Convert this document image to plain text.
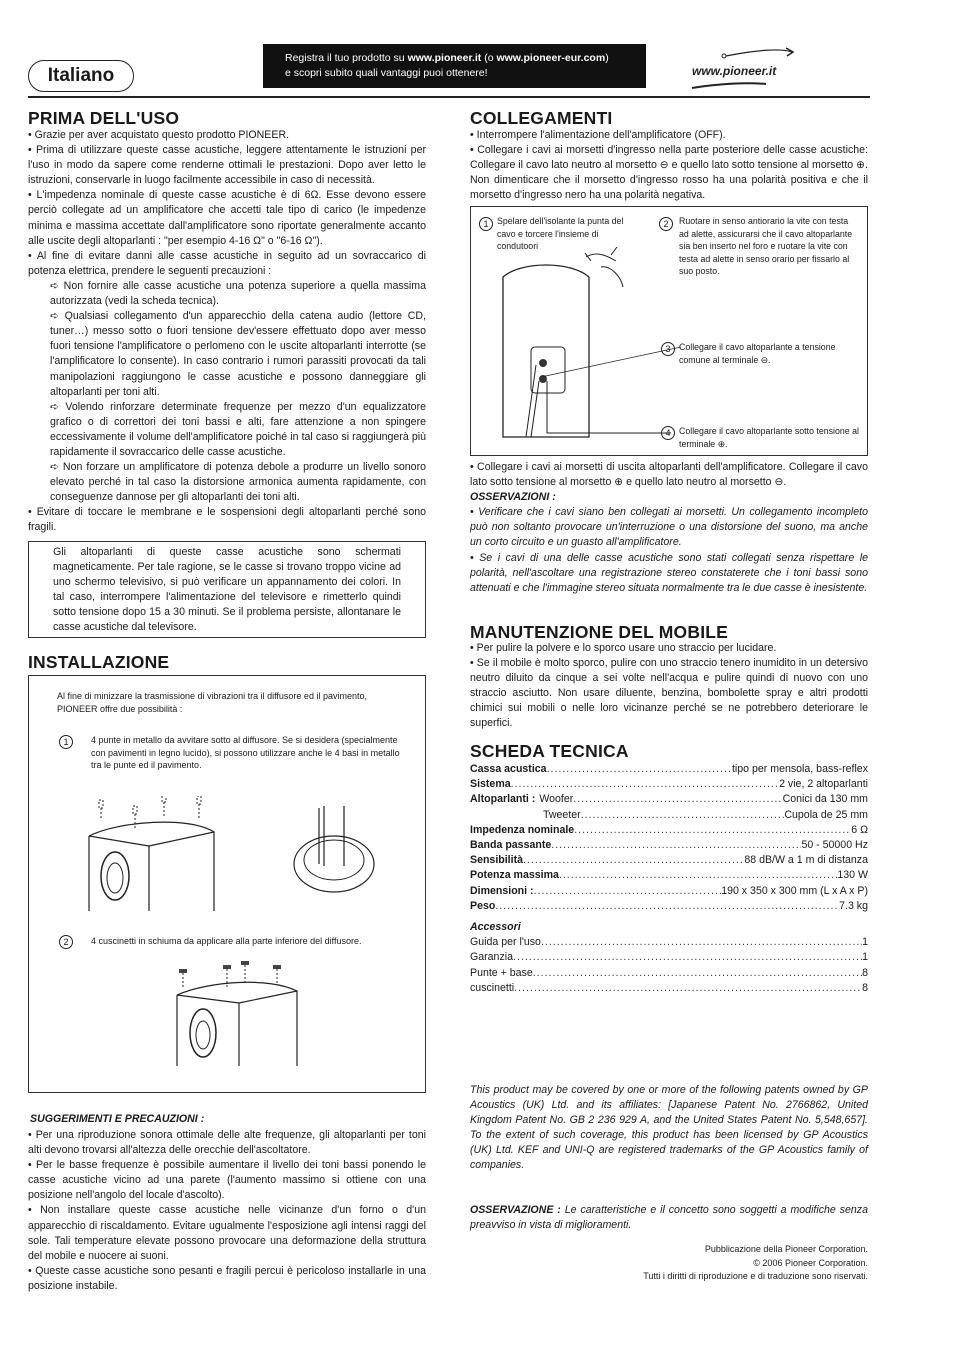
Italiano
Registra il tuo prodotto su www.pioneer.it (o www.pioneer-eur.com)
e scopri subito quali vantaggi puoi ottenere!	www.pioneer.it
PRIMA DELL'USO

• Grazie per aver acquistato questo prodotto PIONEER.

• Prima di utilizzare queste casse acustiche, leggere attentamente le istruzioni per l'uso in modo da sapere come renderne ottimali le prestazioni. Dopo aver letto le istruzioni, conservarle in luogo facilmente accessibile in caso di necessità.

• L'impedenza nominale di queste casse acustiche è di 6Ω. Esse devono essere perciò collegate ad un amplificatore che accetti tale tipo di carico (le impedenze minima e massima accettate dall'amplificatore sono riportate generalmente accanto alle uscite degli altoparlanti : "per esempio 4-16 Ω" o "6-16 Ω").

• Al fine di evitare danni alle casse acustiche in seguito ad un sovraccarico di potenza elettrica, prendere le seguenti precauzioni :

➪ Non fornire alle casse acustiche una potenza superiore a quella massima autorizzata (vedi la scheda tecnica).

➪ Qualsiasi collegamento d'un apparecchio della catena audio (lettore CD, tuner…) messo sotto o fuori tensione dev'essere effettuato dopo aver messo fuori tensione l'amplificatore o perlomeno con le uscite altoparlanti interrotte (se l'amplificatore lo consente). In caso contrario i rumori parassiti provocati da tali manipolazioni raggiungono le casse acustiche e possono danneggiare gli altoparlanti per toni alti.

➪ Volendo rinforzare determinate frequenze per mezzo d'un equalizzatore grafico o di correttori dei toni bassi e alti, fare attenzione a non spingere eccessivamente il volume dell'amplificatore poiché in tal caso si raggiungerà più rapidamente il sovraccarico delle casse acustiche.

➪ Non forzare un amplificatore di potenza debole a produrre un livello sonoro elevato perché in tal caso la distorsione armonica aumenta rapidamente, con conseguenze dannose per gli altoparlanti dei toni alti.

• Evitare di toccare le membrane e le sospensioni degli altoparlanti perché sono fragili.

Gli altoparlanti di queste casse acustiche sono schermati magneticamente. Per tale ragione, se le casse si trovano troppo vicine ad uno schermo televisivo, si può verificare un appannamento dei colori. In tal caso, interrompere l'alimentazione del televisore e rimetterlo quindi sotto tensione dopo 15 a 30 minuti. Se il problema persiste, allontanare le casse acustiche dal televisore.
INSTALLAZIONE
Al fine di minizzare la trasmissione di vibrazioni tra il diffusore ed il pavimento, PIONEER offre due possibilità :
1	4 punte in metallo da avvitare sotto al diffusore. Se si desidera (specialmente con pavimenti in legno lucido), si possono utilizzare anche le 4 basi in metallo tra le punte ed il pavimento.
2	4 cuscinetti in schiuma da applicare alla parte inferiore del diffusore.
SUGGERIMENTI E PRECAUZIONI :

• Per una riproduzione sonora ottimale delle alte frequenze, gli altoparlanti per toni alti devono trovarsi all'altezza delle orecchie dell'ascoltatore.

• Per le basse frequenze è possibile aumentare il livello dei toni bassi ponendo le casse acustiche vicino ad una parete (l'aumento massimo si ottiene con una posizione nell'angolo del locale d'ascolto).

• Non installare queste casse acustiche nelle vicinanze d'un forno o d'un apparecchio di riscaldamento. Evitare ugualmente l'esposizione agli intensi raggi del sole. Tali temperature elevate possono provocare una deformazione della struttura del mobile e nuocere ai suoni.

• Queste casse acustiche sono pesanti e fragili percui è pericoloso installarle in una posizione instabile.

COLLEGAMENTI

• Interrompere l'alimentazione dell'amplificatore (OFF).

• Collegare i cavi ai morsetti d'ingresso nella parte posteriore delle casse acustiche: Collegare il cavo lato neutro al morsetto ⊖ e quello lato sotto tensione al morsetto ⊕. Non dimenticare che il morsetto d'ingresso rosso ha una polarità positiva e che il morsetto d'ingresso nero ha una polarità negativa.

1 Spelare dell'isolante la punta del cavo e torcere l'insieme di condutoori
2	Ruotare in senso antiorario la vite con testa ad alette, assicurarsi che il cavo altoparlante sia ben inserto nel foro e ruotare la vite con testa ad alette in senso orario per fissarlo al suo posto.
3 Collegare il cavo altoparlante a tensione comune al terminale ⊖.
4 Collegare il cavo altoparlante sotto tensione al terminale ⊕.

• Collegare i cavi ai morsetti di uscita altoparlanti dell'amplificatore. Collegare il cavo lato sotto tensione al morsetto ⊕ e quello lato neutro al morsetto ⊖.

OSSERVAZIONI :

• Verificare che i cavi siano ben collegati ai morsetti. Un collegamento incompleto può non soltanto provocare un'interruzione o una distorsione del suono, ma anche un corto circuito e un guasto all'amplificatore.

• Se i cavi di una delle casse acustiche sono stati collegati senza rispettare le polarità, nell'ascoltare una registrazione stereo constaterete che i toni bassi sono attenuati e che l'immagine stereo situata normalmente tra le due casse è inesistente.

MANUTENZIONE DEL MOBILE

• Per pulire la polvere e lo sporco usare uno straccio per lucidare.

• Se il mobile è molto sporco, pulire con uno straccio tenero inumidito in un detersivo neutro diluito da cinque a sei volte nell'acqua e pulire quindi di nuovo con uno straccio asciutto. Non usare diluente, benzina, bombolette spray e altri prodotti chimici sui mobili o nelle loro vicinanze perché se ne potrebbero deteriorare le superfici.

SCHEDA TECNICA
Cassa acustica .....	tipo per mensola, bass-reflex
Sistema .....	2 vie, 2 altoparlanti
Altoparlanti : Woofer .....	Conici da 130 mm
Tweeter .....	Cupola de 25 mm
Impedenza nominale .....	6 Ω
Banda passante .....	50 - 50000 Hz
Sensibilità .....	88 dB/W a 1 m di distanza
Potenza massima .....	130 W
Dimensioni : .....	190 x 350 x 300 mm (L x A x P)
Peso .....	7.3 kg
Accessori
Guida per l'uso .....	1
Garanzia .....	1
Punte + base .....	8
cuscinetti .....	8
This product may be covered by one or more of the following patents owned by GP Acoustics (UK) Ltd. and its affiliates: [Japanese Patent No. 2766862, United Kingdom Patent No. GB 2 236 929 A, and the United States Patent No. 5,548,657]. To the extent of such coverage, this product has been licensed by GP Acoustics (UK) Ltd. KEF and UNI-Q are registered trademarks of the GP Acoustics family of companies.
OSSERVAZIONE : Le caratteristiche e il concetto sono soggetti a modifiche senza preavviso in vista di miglioramenti.
Pubblicazione della Pioneer Corporation.
© 2006 Pioneer Corporation.
Tutti i diritti di riproduzione e di traduzione sono riservati.
